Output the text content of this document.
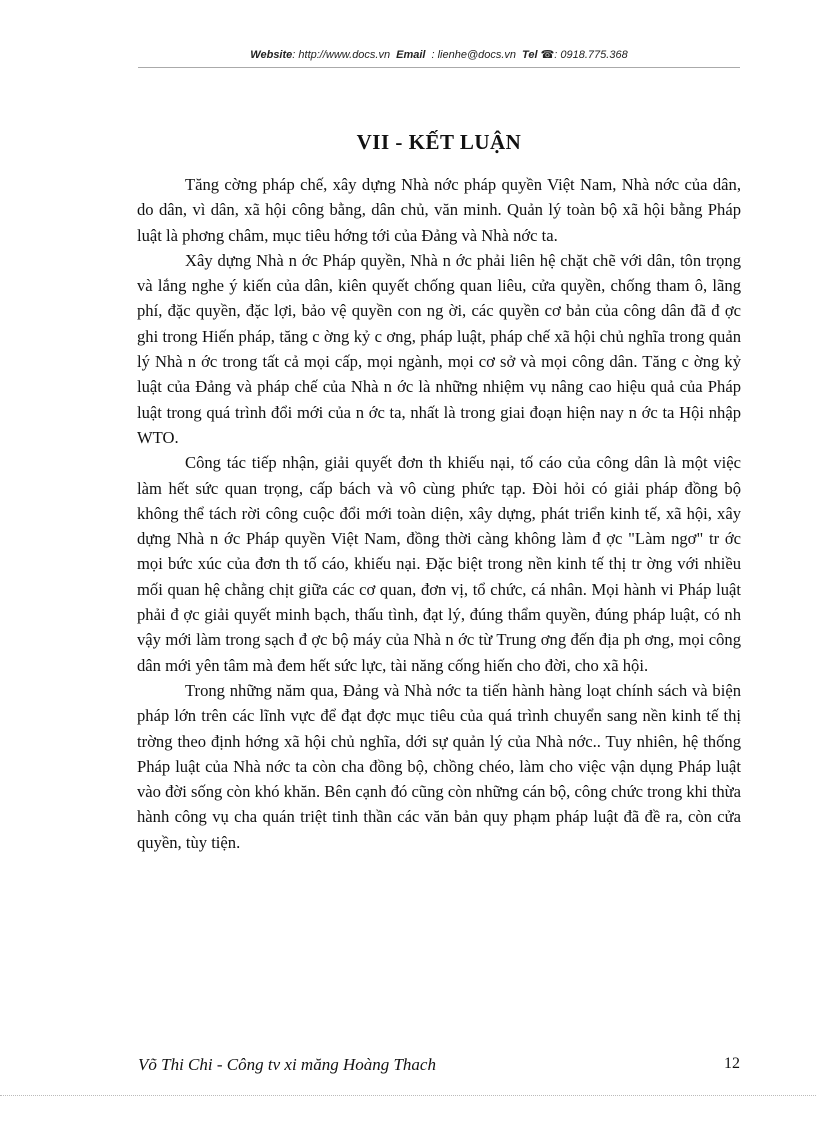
Website: http://www.docs.vn Email : lienhe@docs.vn Tel ☎: 0918.775.368
VII - KẾT LUẬN

Tăng cờng pháp chế, xây dựng Nhà nớc pháp quyền Việt Nam, Nhà nớc của dân, do dân, vì dân, xã hội công bằng, dân chủ, văn minh. Quản lý toàn bộ xã hội bằng Pháp luật là phơng châm, mục tiêu hớng tới của Đảng và Nhà nớc ta.

Xây dựng Nhà n ớc Pháp quyền, Nhà n ớc phải liên hệ chặt chẽ với dân, tôn trọng và lắng nghe ý kiến của dân, kiên quyết chống quan liêu, cửa quyền, chống tham ô, lãng phí, đặc quyền, đặc lợi, bảo vệ quyền con ng ời, các quyền cơ bản của công dân đã đ ợc ghi trong Hiến pháp, tăng c ờng kỷ c ơng, pháp luật, pháp chế xã hội chủ nghĩa trong quản lý Nhà n ớc trong tất cả mọi cấp, mọi ngành, mọi cơ sở và mọi công dân. Tăng c ờng kỷ luật của Đảng và pháp chế của Nhà n ớc là những nhiệm vụ nâng cao hiệu quả của Pháp luật trong quá trình đổi mới của n ớc ta, nhất là trong giai đoạn hiện nay n ớc ta Hội nhập WTO.

Công tác tiếp nhận, giải quyết đơn th khiếu nại, tố cáo của công dân là một việc làm hết sức quan trọng, cấp bách và vô cùng phức tạp. Đòi hỏi có giải pháp đồng bộ không thể tách rời công cuộc đổi mới toàn diện, xây dựng, phát triển kinh tế, xã hội, xây dựng Nhà n ớc Pháp quyền Việt Nam, đồng thời càng không làm đ ợc "Làm ngơ" tr ớc mọi bức xúc của đơn th tố cáo, khiếu nại. Đặc biệt trong nền kinh tế thị tr ờng với nhiều mối quan hệ chằng chịt giữa các cơ quan, đơn vị, tổ chức, cá nhân. Mọi hành vi Pháp luật phải đ ợc giải quyết minh bạch, thấu tình, đạt lý, đúng thẩm quyền, đúng pháp luật, có nh vậy mới làm trong sạch đ ợc bộ máy của Nhà n ớc từ Trung ơng đến địa ph ơng, mọi công dân mới yên tâm mà đem hết sức lực, tài năng cống hiến cho đời, cho xã hội.

Trong những năm qua, Đảng và Nhà nớc ta tiến hành hàng loạt chính sách và biện pháp lớn trên các lĩnh vực để đạt đợc mục tiêu của quá trình chuyển sang nền kinh tế thị trờng theo định hớng xã hội chủ nghĩa, dới sự quản lý của Nhà nớc.. Tuy nhiên, hệ thống Pháp luật của Nhà nớc ta còn cha đồng bộ, chồng chéo, làm cho việc vận dụng Pháp luật vào đời sống còn khó khăn. Bên cạnh đó cũng còn những cán bộ, công chức trong khi thừa hành công vụ cha quán triệt tinh thần các văn bản quy phạm pháp luật đã đề ra, còn cửa quyền, tùy tiện.

Võ Thi Chi - Công tv xi măng Hoàng Thach	12
